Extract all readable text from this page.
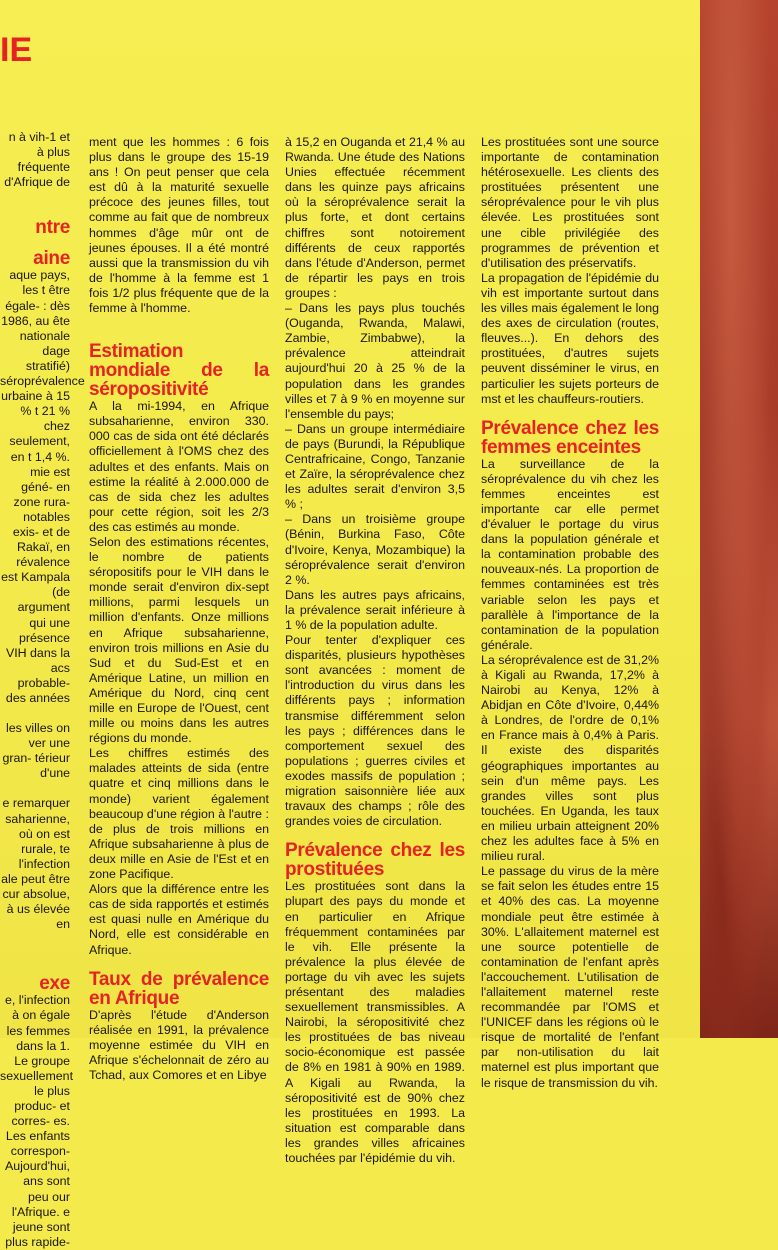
IE

n à vih-1 et à plus fréquente d'Afrique de

ntre
aine

aque pays, les t être égale- : dès 1986, au ête nationale dage stratifié) séroprévalence urbaine à 15 % t 21 % chez seulement, en t 1,4 %.

mie est géné- en zone rura- notables exis- et de Rakaï, en révalence est Kampala (de argument qui une présence VIH dans la acs probable- des années

les villes on ver une gran- térieur d'une

e remarquer saharienne, où on est rurale, te l'infection ale peut être cur absolue, à us élevée en

exe

e, l'infection à on égale les femmes dans la 1. Le groupe sexuellement le plus produc- et corres- es. Les enfants correspon- Aujourd'hui, ans sont peu our l'Afrique. e jeune sont plus rapide-

ment que les hommes : 6 fois plus dans le groupe des 15-19 ans ! On peut penser que cela est dû à la maturité sexuelle précoce des jeunes filles, tout comme au fait que de nombreux hommes d'âge mûr ont de jeunes épouses. Il a été montré aussi que la transmission du vih de l'homme à la femme est 1 fois 1/2 plus fréquente que de la femme à l'homme.

Estimation mondiale de la séropositivité

A la mi-1994, en Afrique subsaharienne, environ 330. 000 cas de sida ont été déclarés officiellement à l'OMS chez des adultes et des enfants. Mais on estime la réalité à 2.000.000 de cas de sida chez les adultes pour cette région, soit les 2/3 des cas estimés au monde.

Selon des estimations récentes, le nombre de patients séropositifs pour le VIH dans le monde serait d'environ dix-sept millions, parmi lesquels un million d'enfants. Onze millions en Afrique subsaharienne, environ trois millions en Asie du Sud et du Sud-Est et en Amérique Latine, un million en Amérique du Nord, cinq cent mille en Europe de l'Ouest, cent mille ou moins dans les autres régions du monde.

Les chiffres estimés des malades atteints de sida (entre quatre et cinq millions dans le monde) varient également beaucoup d'une région à l'autre : de plus de trois millions en Afrique subsaharienne à plus de deux mille en Asie de l'Est et en zone Pacifique.

Alors que la différence entre les cas de sida rapportés et estimés est quasi nulle en Amérique du Nord, elle est considérable en Afrique.

Taux de prévalence en Afrique

D'après l'étude d'Anderson réalisée en 1991, la prévalence moyenne estimée du VIH en Afrique s'échelonnait de zéro au Tchad, aux Comores et en Libye

à 15,2 en Ouganda et 21,4 % au Rwanda. Une étude des Nations Unies effectuée récemment dans les quinze pays africains où la séroprévalence serait la plus forte, et dont certains chiffres sont notoirement différents de ceux rapportés dans l'étude d'Anderson, permet de répartir les pays en trois groupes :

– Dans les pays plus touchés (Ouganda, Rwanda, Malawi, Zambie, Zimbabwe), la prévalence atteindrait aujourd'hui 20 à 25 % de la population dans les grandes villes et 7 à 9 % en moyenne sur l'ensemble du pays;

– Dans un groupe intermédiaire de pays (Burundi, la République Centrafricaine, Congo, Tanzanie et Zaïre, la séroprévalence chez les adultes serait d'environ 3,5 % ;

– Dans un troisième groupe (Bénin, Burkina Faso, Côte d'Ivoire, Kenya, Mozambique) la séroprévalence serait d'environ 2 %.

Dans les autres pays africains, la prévalence serait inférieure à 1 % de la population adulte.

Pour tenter d'expliquer ces disparités, plusieurs hypothèses sont avancées : moment de l'introduction du virus dans les différents pays ; information transmise différemment selon les pays ; différences dans le comportement sexuel des populations ; guerres civiles et exodes massifs de population ; migration saisonnière liée aux travaux des champs ; rôle des grandes voies de circulation.

Prévalence chez les prostituées

Les prostituées sont dans la plupart des pays du monde et en particulier en Afrique fréquemment contaminées par le vih. Elle présente la prévalence la plus élevée de portage du vih avec les sujets présentant des maladies sexuellement transmissibles. A Nairobi, la séropositivité chez les prostituées de bas niveau socio-économique est passée de 8% en 1981 à 90% en 1989. A Kigali au Rwanda, la séropositivité est de 90% chez les prostituées en 1993. La situation est comparable dans les grandes villes africaines touchées par l'épidémie du vih.

Les prostituées sont une source importante de contamination hétérosexuelle. Les clients des prostituées présentent une séroprévalence pour le vih plus élevée. Les prostituées sont une cible privilégiée des programmes de prévention et d'utilisation des préservatifs.

La propagation de l'épidémie du vih est importante surtout dans les villes mais également le long des axes de circulation (routes, fleuves...). En dehors des prostituées, d'autres sujets peuvent disséminer le virus, en particulier les sujets porteurs de mst et les chauffeurs-routiers.

Prévalence chez les femmes enceintes

La surveillance de la séroprévalence du vih chez les femmes enceintes est importante car elle permet d'évaluer le portage du virus dans la population générale et la contamination probable des nouveaux-nés. La proportion de femmes contaminées est très variable selon les pays et parallèle à l'importance de la contamination de la population générale.

La séroprévalence est de 31,2% à Kigali au Rwanda, 17,2% à Nairobi au Kenya, 12% à Abidjan en Côte d'Ivoire, 0,44% à Londres, de l'ordre de 0,1% en France mais à 0,4% à Paris. Il existe des disparités géographiques importantes au sein d'un même pays. Les grandes villes sont plus touchées. En Uganda, les taux en milieu urbain atteignent 20% chez les adultes face à 5% en milieu rural.

Le passage du virus de la mère se fait selon les études entre 15 et 40% des cas. La moyenne mondiale peut être estimée à 30%. L'allaitement maternel est une source potentielle de contamination de l'enfant après l'accouchement. L'utilisation de l'allaitement maternel reste recommandée par l'OMS et l'UNICEF dans les régions où le risque de mortalité de l'enfant par non-utilisation du lait maternel est plus important que le risque de transmission du vih.
